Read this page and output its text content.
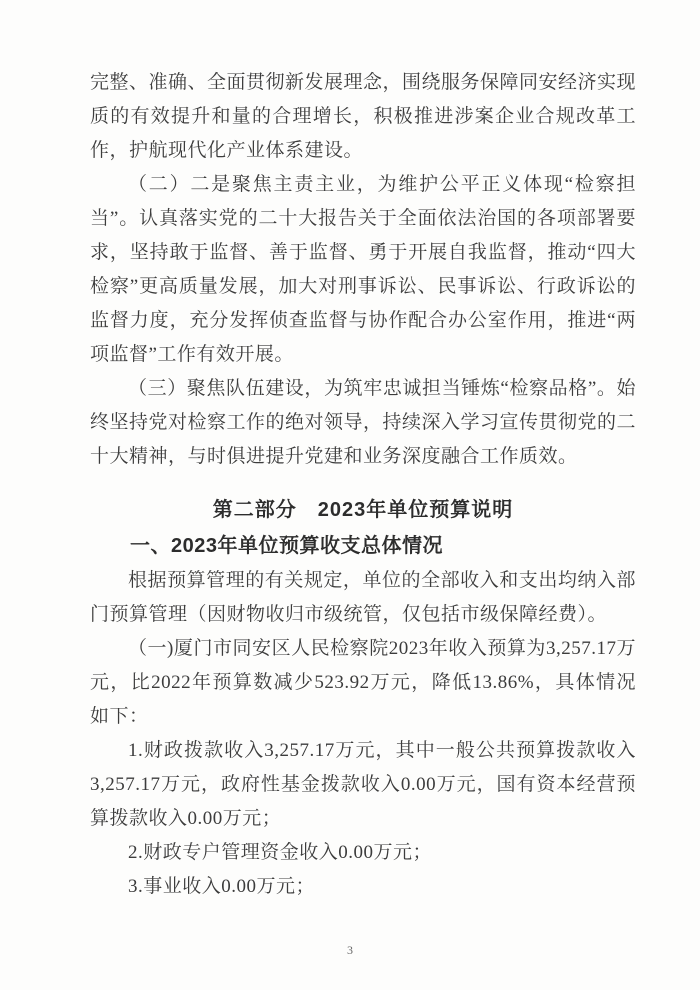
完整、准确、全面贯彻新发展理念，围绕服务保障同安经济实现质的有效提升和量的合理增长，积极推进涉案企业合规改革工作，护航现代化产业体系建设。

（二）二是聚焦主责主业，为维护公平正义体现“检察担当”。认真落实党的二十大报告关于全面依法治国的各项部署要求，坚持敢于监督、善于监督、勇于开展自我监督，推动“四大检察”更高质量发展，加大对刑事诉讼、民事诉讼、行政诉讼的监督力度，充分发挥侦查监督与协作配合办公室作用，推进“两项监督”工作有效开展。

（三）聚焦队伍建设，为筑牢忠诚担当锤炼“检察品格”。始终坚持党对检察工作的绝对领导，持续深入学习宣传贯彻党的二十大精神，与时俱进提升党建和业务深度融合工作质效。

第二部分　2023年单位预算说明
一、2023年单位预算收支总体情况

根据预算管理的有关规定，单位的全部收入和支出均纳入部门预算管理（因财物收归市级统管，仅包括市级保障经费）。

（一)厦门市同安区人民检察院2023年收入预算为3,257.17万元，比2022年预算数减少523.92万元，降低13.86%，具体情况如下：

1.财政拨款收入3,257.17万元，其中一般公共预算拨款收入3,257.17万元，政府性基金拨款收入0.00万元，国有资本经营预算拨款收入0.00万元；

2.财政专户管理资金收入0.00万元；

3.事业收入0.00万元；

3
